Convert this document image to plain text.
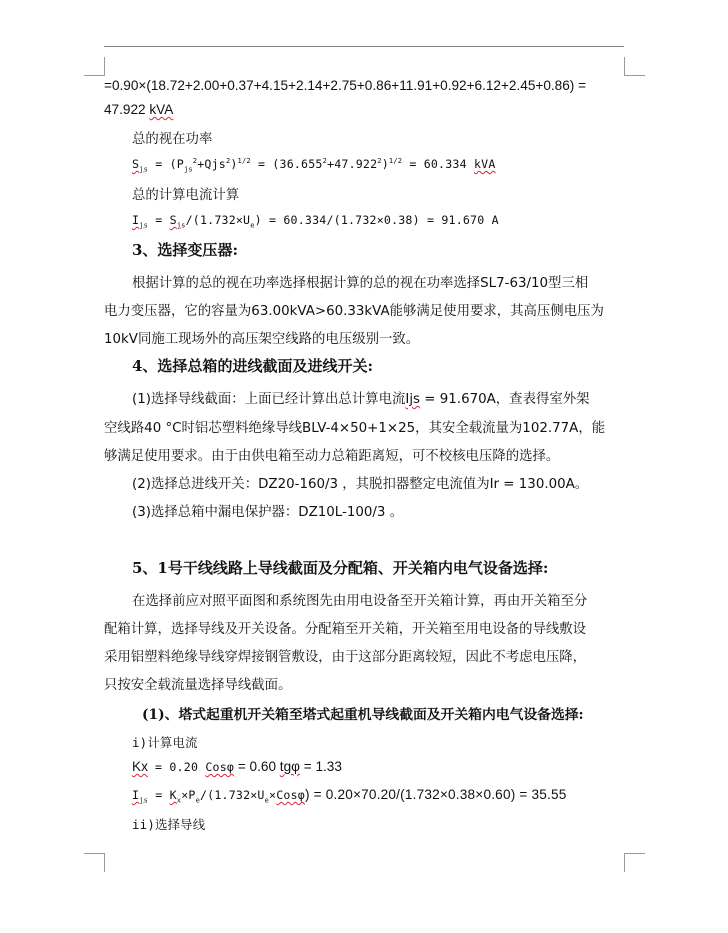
=0.90×(18.72+2.00+0.37+4.15+2.14+2.75+0.86+11.91+0.92+6.12+2.45+0.86) =
47.922 kVA
总的视在功率
$S_{js} = (P_{js}^2+Qjs^2)^{1/2} = (36.655^2+47.922^2)^{1/2} = 60.334$ kVA
总的计算电流计算
$I_{js} = S_{js}/(1.732\times U_e) = 60.334/(1.732\times 0.38) = 91.670$ A
3、选择变压器:
根据计算的总的视在功率选择根据计算的总的视在功率选择SL7-63/10型三相
电力变压器，它的容量为63.00kVA>60.33kVA能够满足使用要求，其高压侧电压为
10kV同施工现场外的高压架空线路的电压级别一致。
4、选择总箱的进线截面及进线开关:
(1)选择导线截面：上面已经计算出总计算电流Ijs = 91.670A，查表得室外架
空线路40 °C时铝芯塑料绝缘导线BLV-4×50+1×25，其安全载流量为102.77A，能
够满足使用要求。由于由供电箱至动力总箱距离短，可不校核电压降的选择。
(2)选择总进线开关：DZ20-160/3 ，其脱扣器整定电流值为Ir = 130.00A。
(3)选择总箱中漏电保护器：DZ10L-100/3 。
5、1号干线线路上导线截面及分配箱、开关箱内电气设备选择:
在选择前应对照平面图和系统图先由用电设备至开关箱计算，再由开关箱至分
配箱计算，选择导线及开关设备。分配箱至开关箱，开关箱至用电设备的导线敷设
采用铝塑料绝缘导线穿焊接钢管敷设，由于这部分距离较短，因此不考虑电压降，
只按安全载流量选择导线截面。
(1)、塔式起重机开关箱至塔式起重机导线截面及开关箱内电气设备选择:
i)计算电流
Kx = 0.20 Cosφ = 0.60 tgφ = 1.33
$I_{js} = K_x\times P_e/(1.732\times U_e\times Cos\varphi) = 0.20\times 70.20/(1.732\times 0.38\times 0.60) = 35.55$
ii)选择导线
